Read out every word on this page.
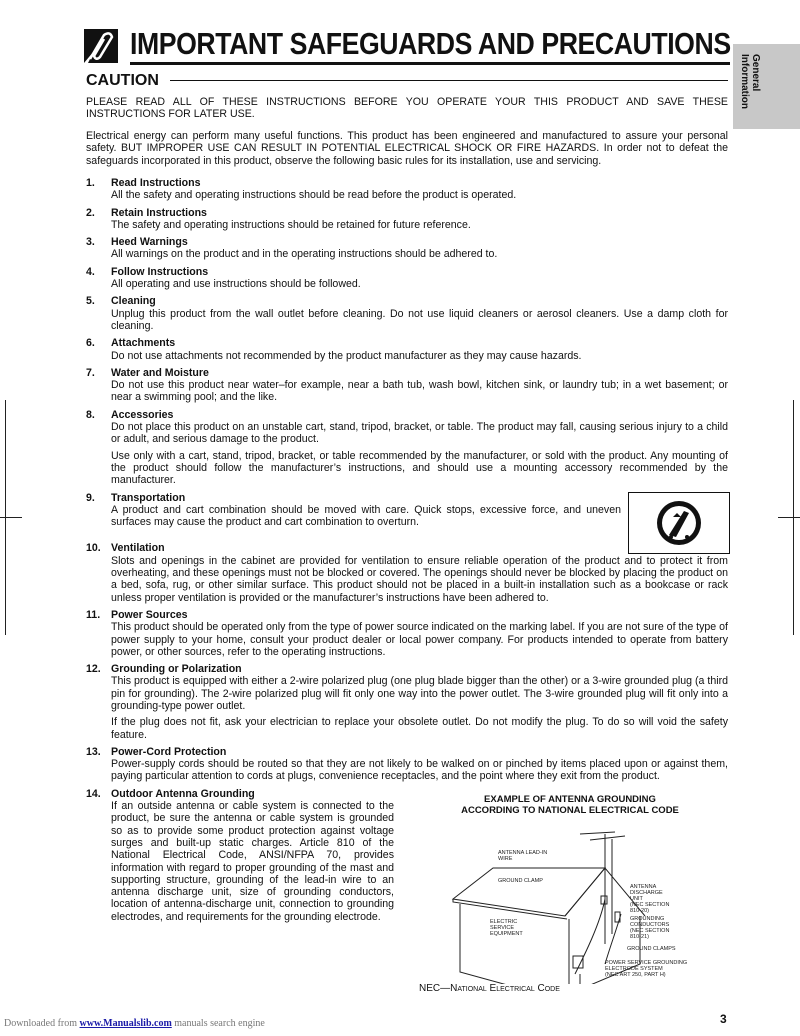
IMPORTANT SAFEGUARDS AND PRECAUTIONS
General
Information
CAUTION
PLEASE READ ALL OF THESE INSTRUCTIONS BEFORE YOU OPERATE YOUR THIS PRODUCT AND SAVE THESE INSTRUCTIONS FOR LATER USE.
Electrical energy can perform many useful functions. This product has been engineered and manufactured to assure your personal safety. BUT IMPROPER USE CAN RESULT IN POTENTIAL ELECTRICAL SHOCK OR FIRE HAZARDS. In order not to defeat the safeguards incorporated in this product, observe the following basic rules for its installation, use and servicing.
1. Read Instructions

All the safety and operating instructions should be read before the product is operated.

2. Retain Instructions

The safety and operating instructions should be retained for future reference.

3. Heed Warnings

All warnings on the product and in the operating instructions should be adhered to.

4. Follow Instructions

All operating and use instructions should be followed.

5. Cleaning

Unplug this product from the wall outlet before cleaning. Do not use liquid cleaners or aerosol cleaners. Use a damp cloth for cleaning.

6. Attachments

Do not use attachments not recommended by the product manufacturer as they may cause hazards.

7. Water and Moisture

Do not use this product near water–for example, near a bath tub, wash bowl, kitchen sink, or laundry tub; in a wet basement; or near a swimming pool; and the like.

8. Accessories

Do not place this product on an unstable cart, stand, tripod, bracket, or table. The product may fall, causing serious injury to a child or adult, and serious damage to the product.

Use only with a cart, stand, tripod, bracket, or table recommended by the manufacturer, or sold with the product. Any mounting of the product should follow the manufacturer’s instructions, and should use a mounting accessory recommended by the manufacturer.

9. Transportation

A product and cart combination should be moved with care. Quick stops, excessive force, and uneven surfaces may cause the product and cart combination to overturn.

10. Ventilation

Slots and openings in the cabinet are provided for ventilation to ensure reliable operation of the product and to protect it from overheating, and these openings must not be blocked or covered. The openings should never be blocked by placing the product on a bed, sofa, rug, or other similar surface. This product should not be placed in a built-in installation such as a bookcase or rack unless proper ventilation is provided or the manufacturer’s instructions have been adhered to.

11. Power Sources

This product should be operated only from the type of power source indicated on the marking label. If you are not sure of the type of power supply to your home, consult your product dealer or local power company. For products intended to operate from battery power, or other sources, refer to the operating instructions.

12. Grounding or Polarization

This product is equipped with either a 2-wire polarized plug (one plug blade bigger than the other) or a 3-wire grounded plug (a third pin for grounding). The 2-wire polarized plug will fit only one way into the power outlet. The 3-wire grounded plug will fit only into a grounding-type power outlet.

If the plug does not fit, ask your electrician to replace your obsolete outlet. Do not modify the plug. To do so will void the safety feature.

13. Power-Cord Protection

Power-supply cords should be routed so that they are not likely to be walked on or pinched by items placed upon or against them, paying particular attention to cords at plugs, convenience receptacles, and the point where they exit from the product.

14. Outdoor Antenna Grounding

If an outside antenna or cable system is connected to the product, be sure the antenna or cable system is grounded so as to provide some product protection against voltage surges and built-up static charges. Article 810 of the National Electrical Code, ANSI/NFPA 70, provides information with regard to proper grounding of the mast and supporting structure, grounding of the lead-in wire to an antenna discharge unit, size of grounding conductors, location of antenna-discharge unit, connection to grounding electrodes, and requirements for the grounding electrode.

EXAMPLE OF ANTENNA GROUNDING
ACCORDING TO NATIONAL ELECTRICAL CODE
ANTENNA LEAD-IN
WIRE
GROUND CLAMP
ANTENNA
DISCHARGE
UNIT
(NEC SECTION
810-20)
GROUNDING
CONDUCTORS
(NEC SECTION
810-21)
ELECTRIC
SERVICE
EQUIPMENT
GROUND CLAMPS
POWER SERVICE GROUNDING
ELECTRODE SYSTEM
(NEC ART 250, PART H)
NEC—National Electrical Code
3
Downloaded from www.Manualslib.com manuals search engine
